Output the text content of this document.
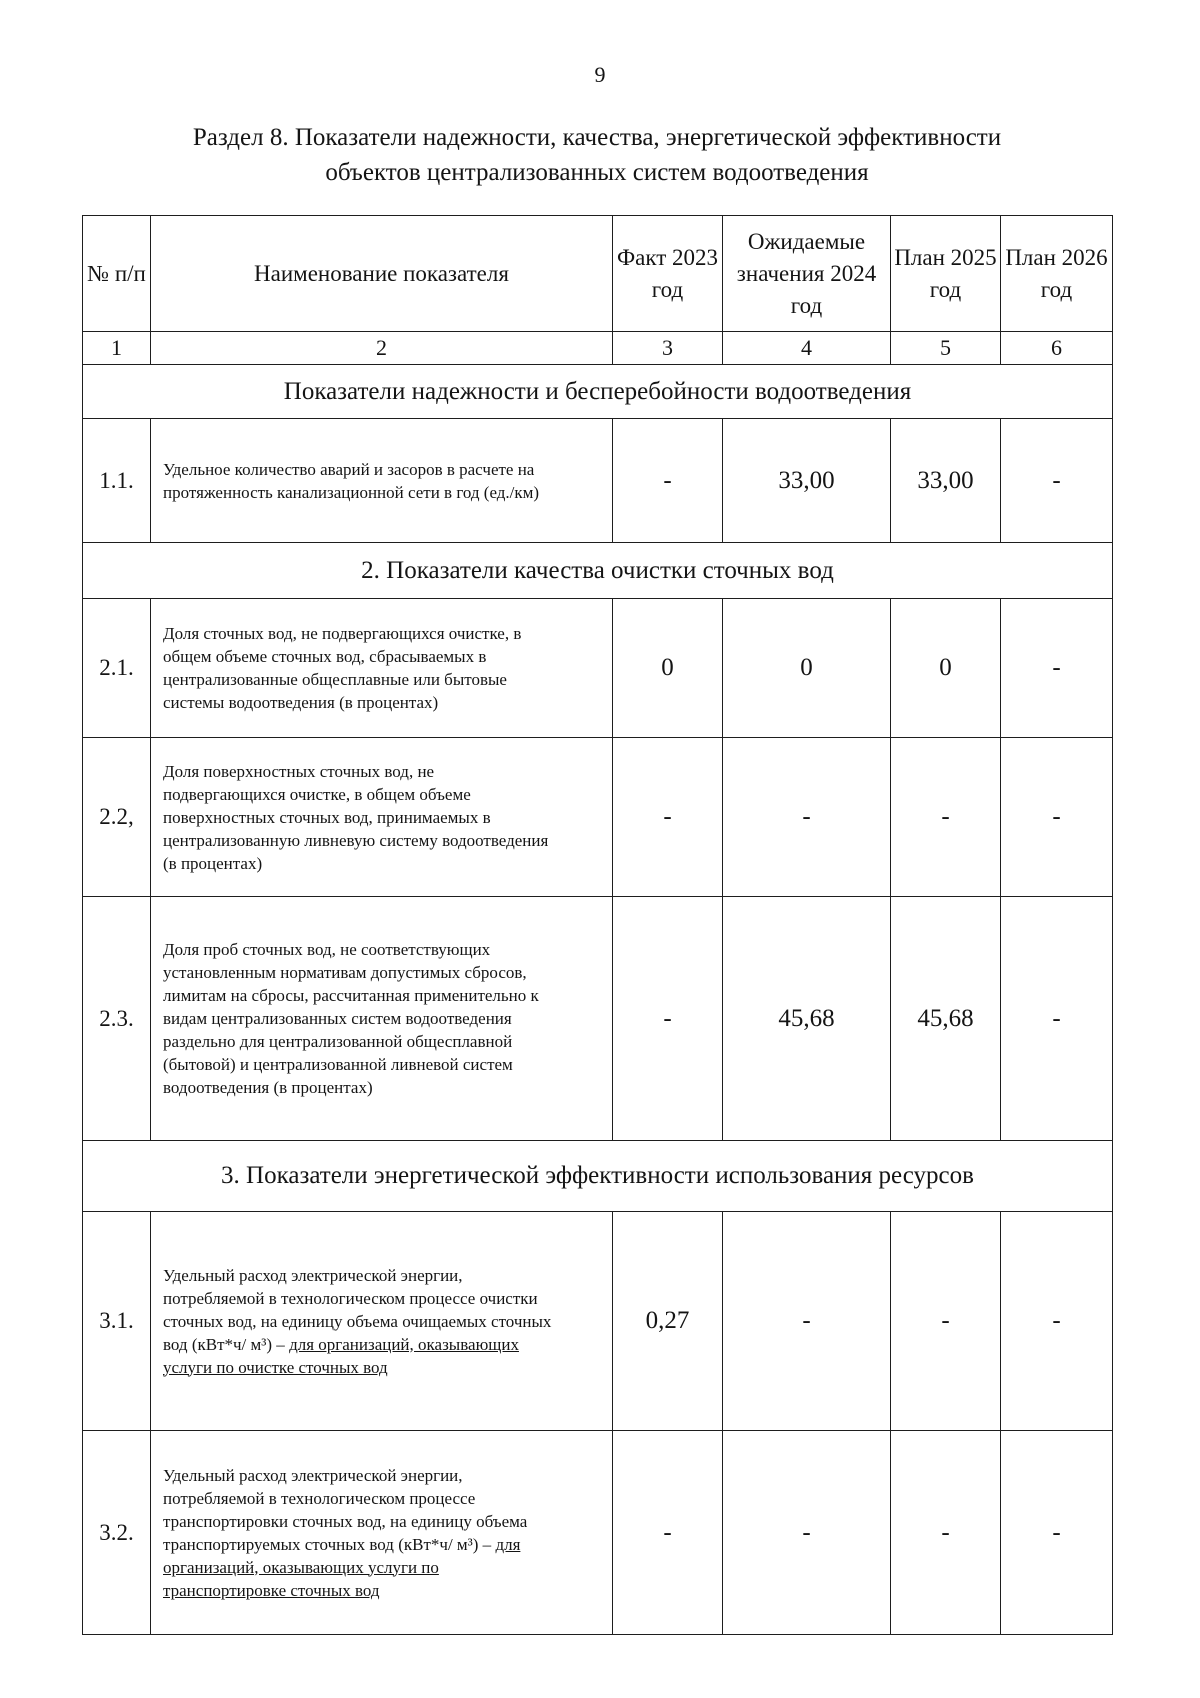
9
Раздел 8. Показатели надежности, качества, энергетической эффективности
объектов централизованных систем водоотведения
№ п/п	Наименование показателя	Факт 2023 год	Ожидаемые значения 2024 год	План 2025 год	План 2026 год
1	2	3	4	5	6
Показатели надежности и бесперебойности водоотведения					
1.1.	Удельное количество аварий и засоров в расчете на протяженность канализационной сети в год (ед./км)	-	33,00	33,00	-
2. Показатели качества очистки сточных вод					
2.1.	Доля сточных вод, не подвергающихся очистке, в общем объеме сточных вод, сбрасываемых в централизованные общесплавные или бытовые системы водоотведения (в процентах)	0	0	0	-
2.2,	Доля поверхностных сточных вод, не подвергающихся очистке, в общем объеме поверхностных сточных вод, принимаемых в централизованную ливневую систему водоотведения (в процентах)	-	-	-	-
2.3.	Доля проб сточных вод, не соответствующих установленным нормативам допустимых сбросов, лимитам на сбросы, рассчитанная применительно к видам централизованных систем водоотведения раздельно для централизованной общесплавной (бытовой) и централизованной ливневой систем водоотведения (в процентах)	-	45,68	45,68	-
3. Показатели энергетической эффективности использования ресурсов					
3.1.	Удельный расход электрической энергии, потребляемой в технологическом процессе очистки сточных вод, на единицу объема очищаемых сточных вод (кВт*ч/ м³) – для организаций, оказывающих услуги по очистке сточных вод	0,27	-	-	-
3.2.	Удельный расход электрической энергии, потребляемой в технологическом процессе транспортировки сточных вод, на единицу объема транспортируемых сточных вод (кВт*ч/ м³) – для организаций, оказывающих услуги по транспортировке сточных вод	-	-	-	-
